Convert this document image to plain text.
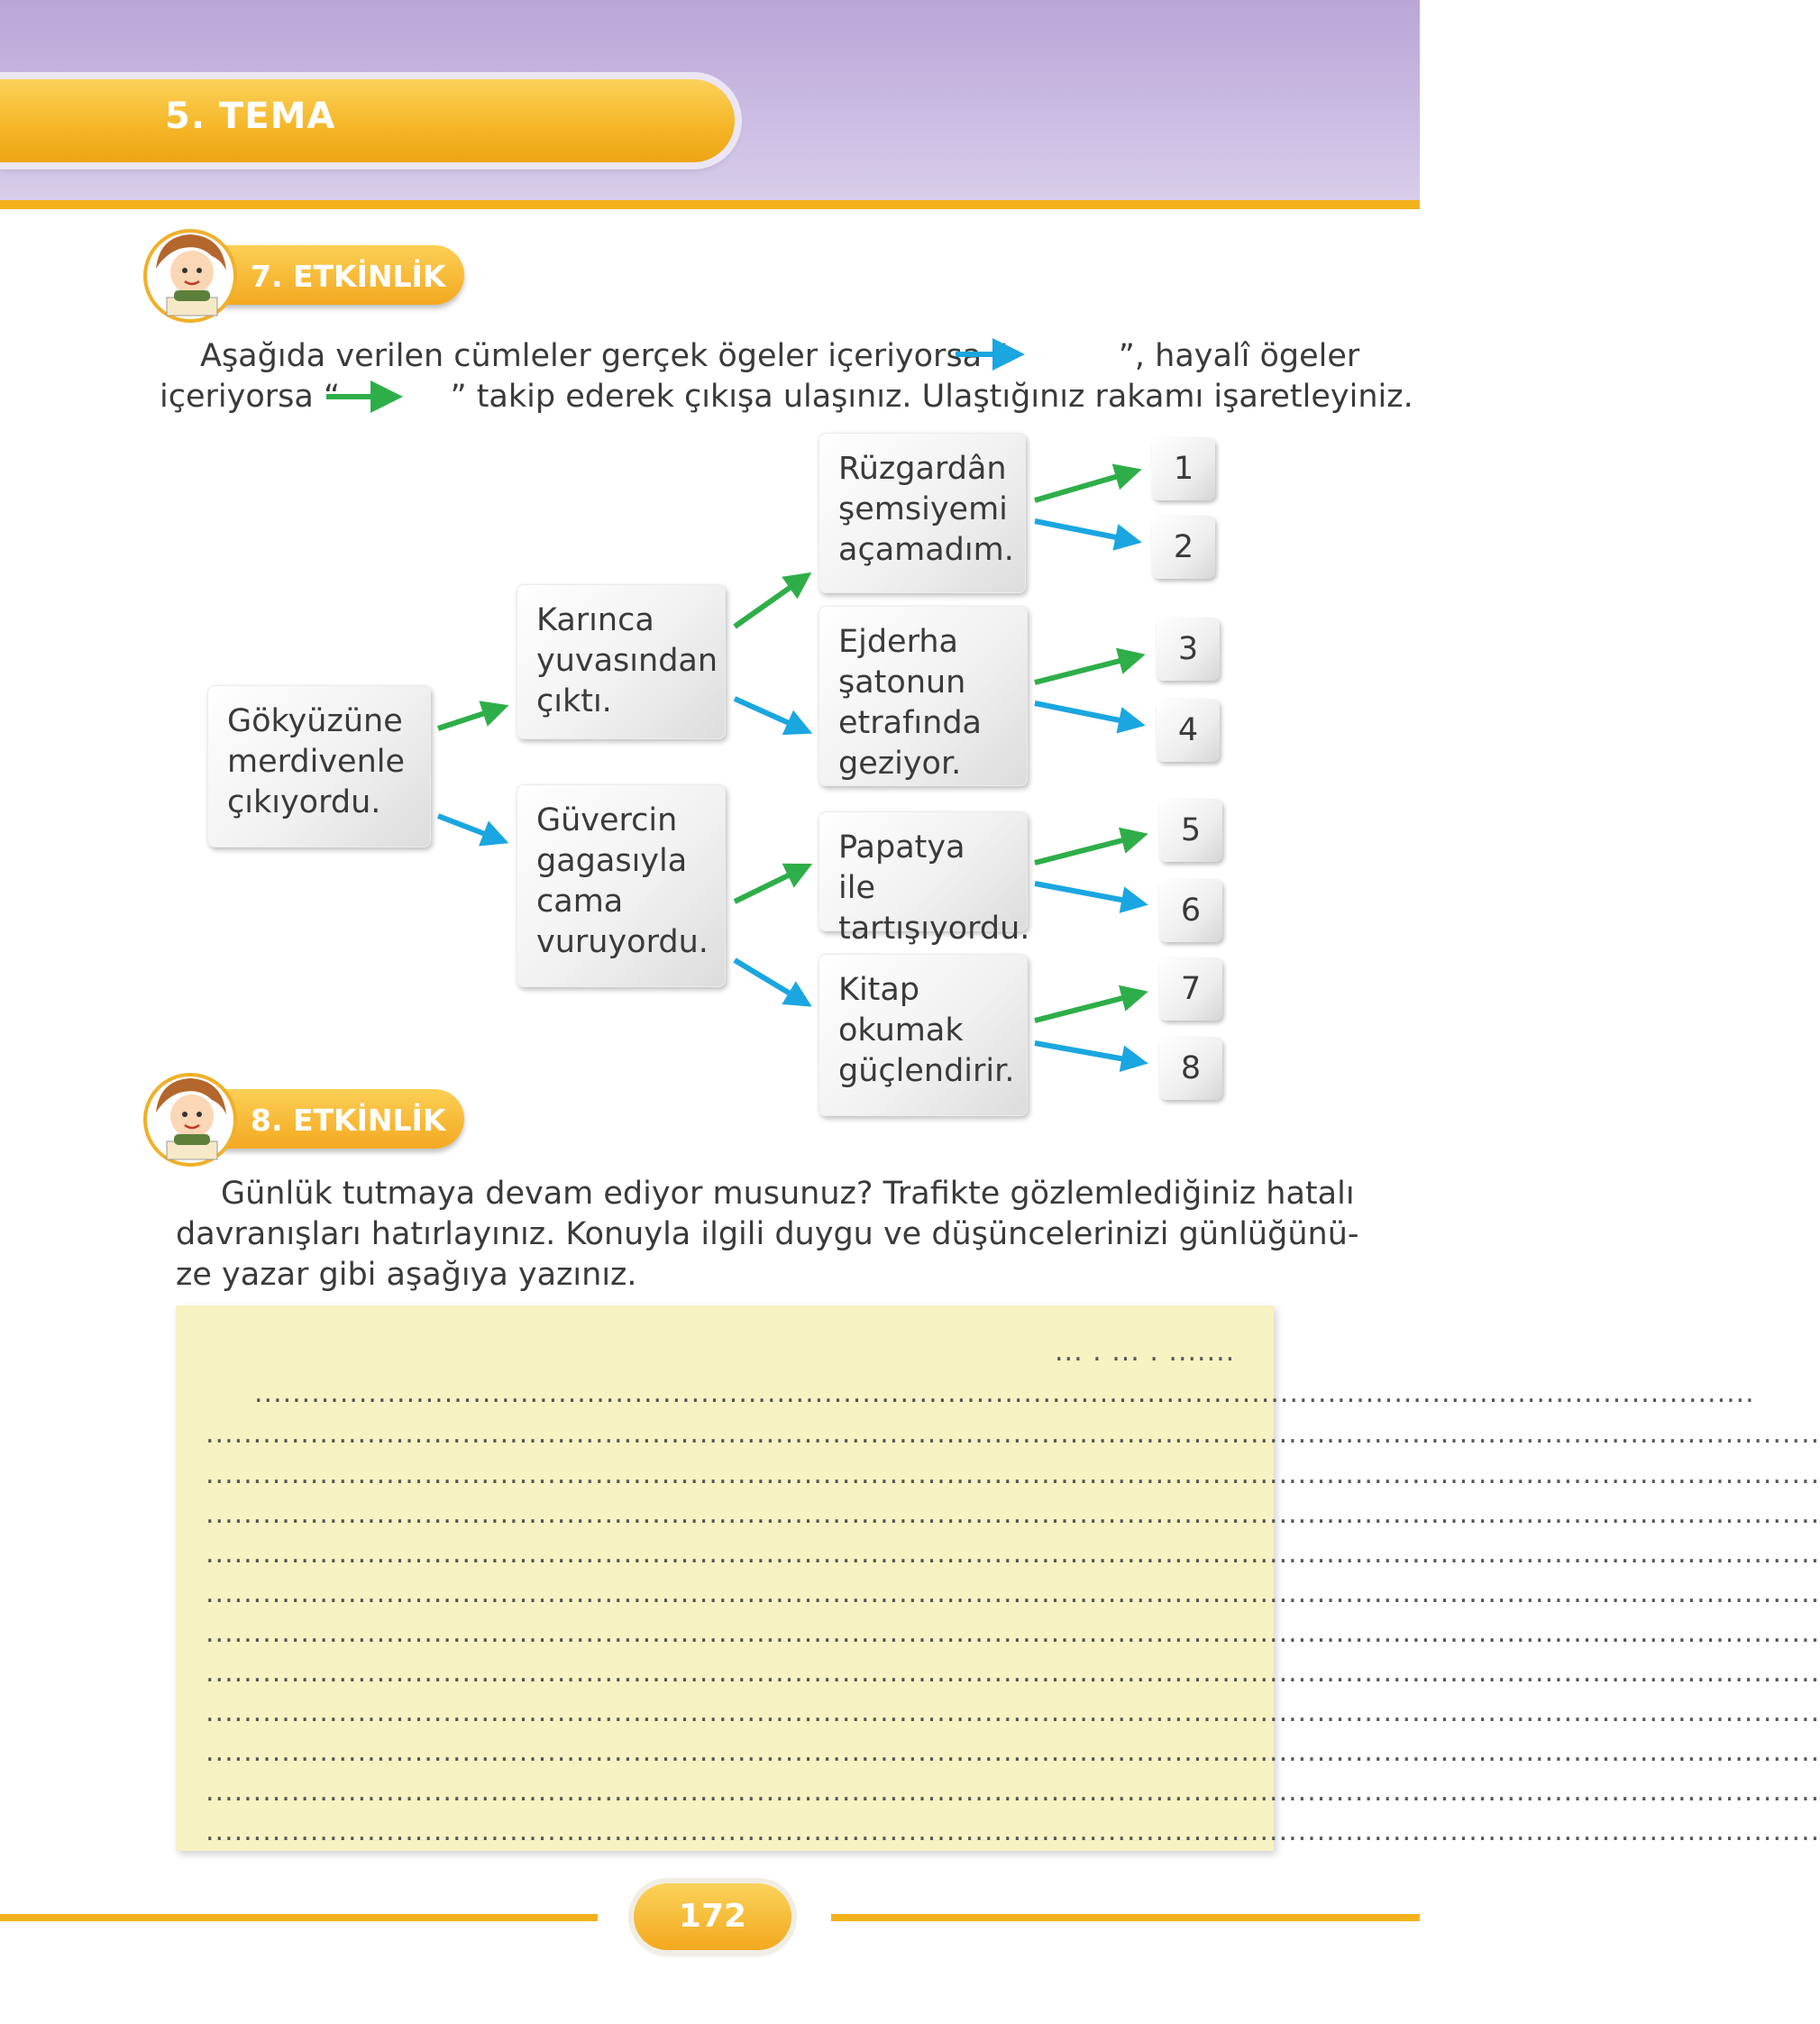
5. TEMA
7. ETKİNLİK
Aşağıda verilen cümleler gerçek ögeler içeriyorsa “           ”, hayalî ögeler
içeriyorsa “           ” takip ederek çıkışa ulaşınız. Ulaştığınız rakamı işaretleyiniz.
Gökyüzüne merdivenle çıkıyordu.
Karınca yuvasından çıktı.
Güvercin gagasıyla cama vuruyordu.
Rüzgardân şemsiyemi açamadım.
Ejderha şatonun etrafında geziyor.
Papatya ile tartışıyordu.
Kitap okumak güçlendirir.
1
2
3
4
5
6
7
8
8. ETKİNLİK
Günlük tutmaya devam ediyor musunuz? Trafikte gözlemlediğiniz hatalı
davranışları hatırlayınız. Konuyla ilgili duygu ve düşüncelerinizi günlüğünü-
ze yazar gibi aşağıya yazınız.
... . ... . .......
..............................................................................................................................................................
..........................................................................................................................................................................
..........................................................................................................................................................................
..........................................................................................................................................................................
..........................................................................................................................................................................
..........................................................................................................................................................................
..........................................................................................................................................................................
..........................................................................................................................................................................
..........................................................................................................................................................................
..........................................................................................................................................................................
..........................................................................................................................................................................
..........................................................................................................................................................................
172
